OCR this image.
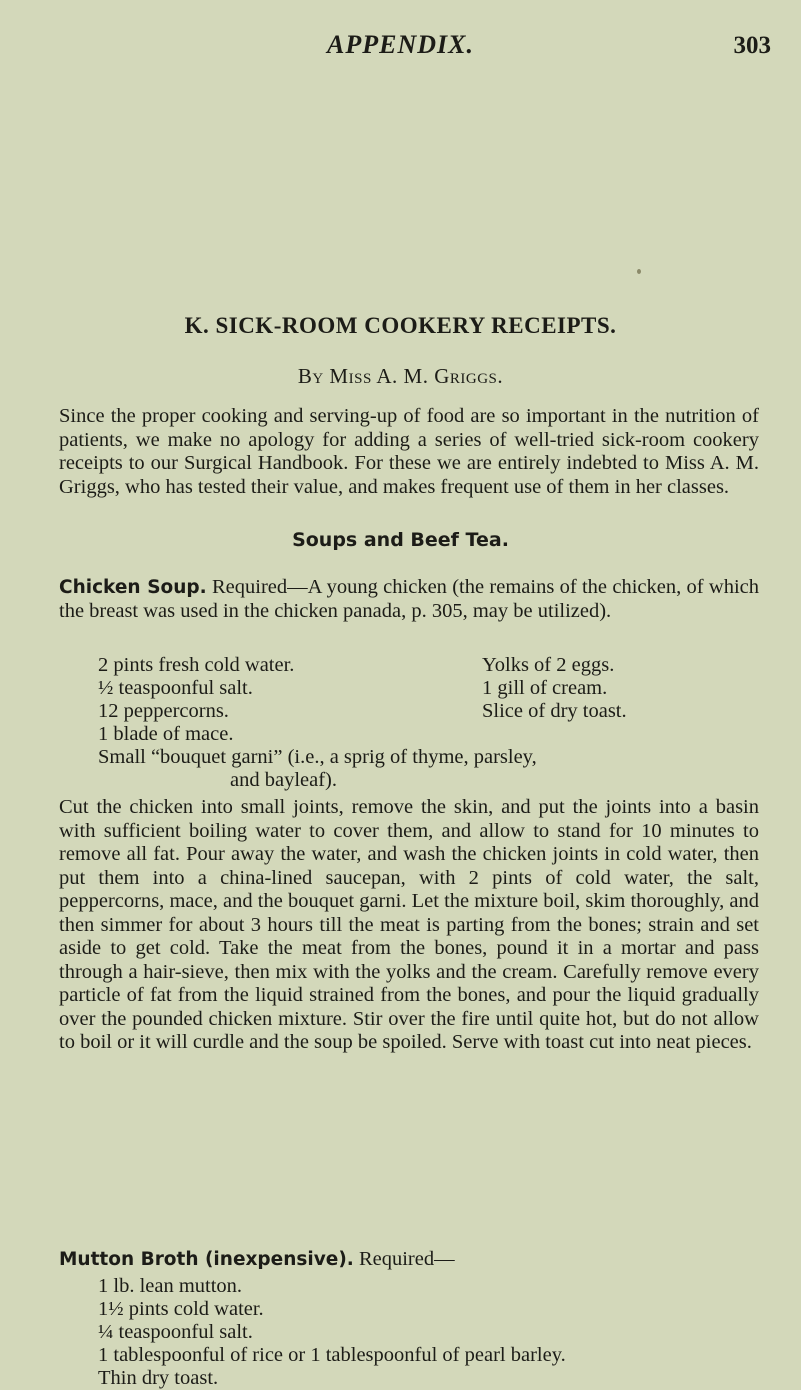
APPENDIX.	303
K. SICK-ROOM COOKERY RECEIPTS.
By Miss A. M. Griggs.

Since the proper cooking and serving-up of food are so important in the nutrition of patients, we make no apology for adding a series of well-tried sick-room cookery receipts to our Surgical Handbook. For these we are entirely indebted to Miss A. M. Griggs, who has tested their value, and makes frequent use of them in her classes.

Soups and Beef Tea.

Chicken Soup. Required—A young chicken (the remains of the chicken, of which the breast was used in the chicken panada, p. 305, may be utilized).

2 pints fresh cold water.	Yolks of 2 eggs.
½ teaspoonful salt.	1 gill of cream.
12 peppercorns.	Slice of dry toast.
1 blade of mace.
Small “bouquet garni” (i.e., a sprig of thyme, parsley,
and bayleaf).

Cut the chicken into small joints, remove the skin, and put the joints into a basin with sufficient boiling water to cover them, and allow to stand for 10 minutes to remove all fat. Pour away the water, and wash the chicken joints in cold water, then put them into a china-lined saucepan, with 2 pints of cold water, the salt, peppercorns, mace, and the bouquet garni. Let the mixture boil, skim thoroughly, and then simmer for about 3 hours till the meat is parting from the bones; strain and set aside to get cold. Take the meat from the bones, pound it in a mortar and pass through a hair-sieve, then mix with the yolks and the cream. Carefully remove every particle of fat from the liquid strained from the bones, and pour the liquid gradually over the pounded chicken mixture. Stir over the fire until quite hot, but do not allow to boil or it will curdle and the soup be spoiled. Serve with toast cut into neat pieces.

Mutton Broth (inexpensive). Required—
1 lb. lean mutton.
1½ pints cold water.
¼ teaspoonful salt.
1 tablespoonful of rice or 1 tablespoonful of pearl barley.
Thin dry toast.
